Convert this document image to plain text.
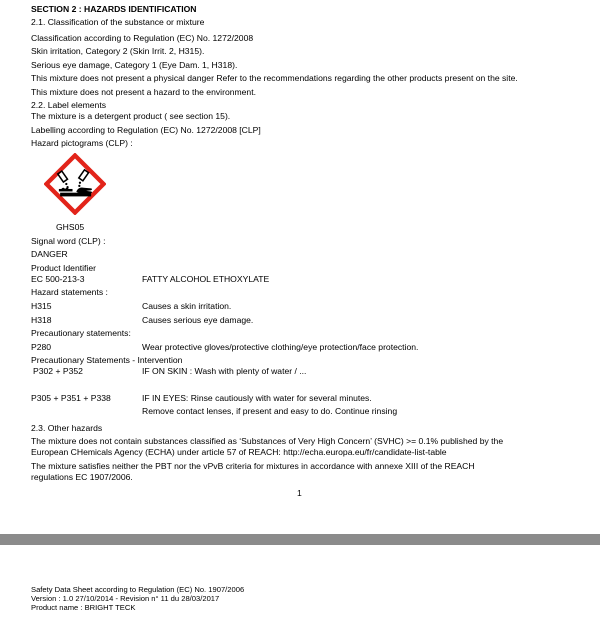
SECTION 2 : HAZARDS IDENTIFICATION
2.1. Classification of the substance or mixture
Classification according to Regulation (EC) No. 1272/2008
Skin irritation, Category 2 (Skin Irrit. 2, H315).
Serious eye damage, Category 1 (Eye Dam. 1, H318).
This mixture does not present a physical danger Refer to the recommendations regarding the other products present on the site.
This mixture does not present a hazard to the environment.
2.2. Label elements
The mixture is a detergent product ( see section 15).
Labelling according to Regulation (EC) No. 1272/2008 [CLP]
Hazard pictograms (CLP) :
GHS05
Signal word (CLP) :
DANGER
Product Identifier
EC 500-213-3	FATTY ALCOHOL ETHOXYLATE
Hazard statements :
H315	Causes a skin irritation.
H318	Causes serious eye damage.
Precautionary statements:
P280	Wear protective gloves/protective clothing/eye protection/face protection.
Precautionary Statements - Intervention
P302 + P352	IF ON SKIN : Wash with plenty of water / ...
P305 + P351 + P338	IF IN EYES: Rinse cautiously with water for several minutes.
Remove contact lenses, if present and easy to do. Continue rinsing
2.3. Other hazards
The mixture does not contain substances classified as ‘Substances of Very High Concern’ (SVHC) >= 0.1% published by the
European CHemicals Agency (ECHA) under article 57 of REACH: http://echa.europa.eu/fr/candidate-list-table
The mixture satisfies neither the PBT nor the vPvB criteria for mixtures in accordance with annexe XIII of the REACH
regulations EC 1907/2006.
1
Safety Data Sheet according to Regulation (EC) No. 1907/2006
Version : 1.0 27/10/2014 - Revision n° 11 du 28/03/2017
Product name : BRIGHT TECK
